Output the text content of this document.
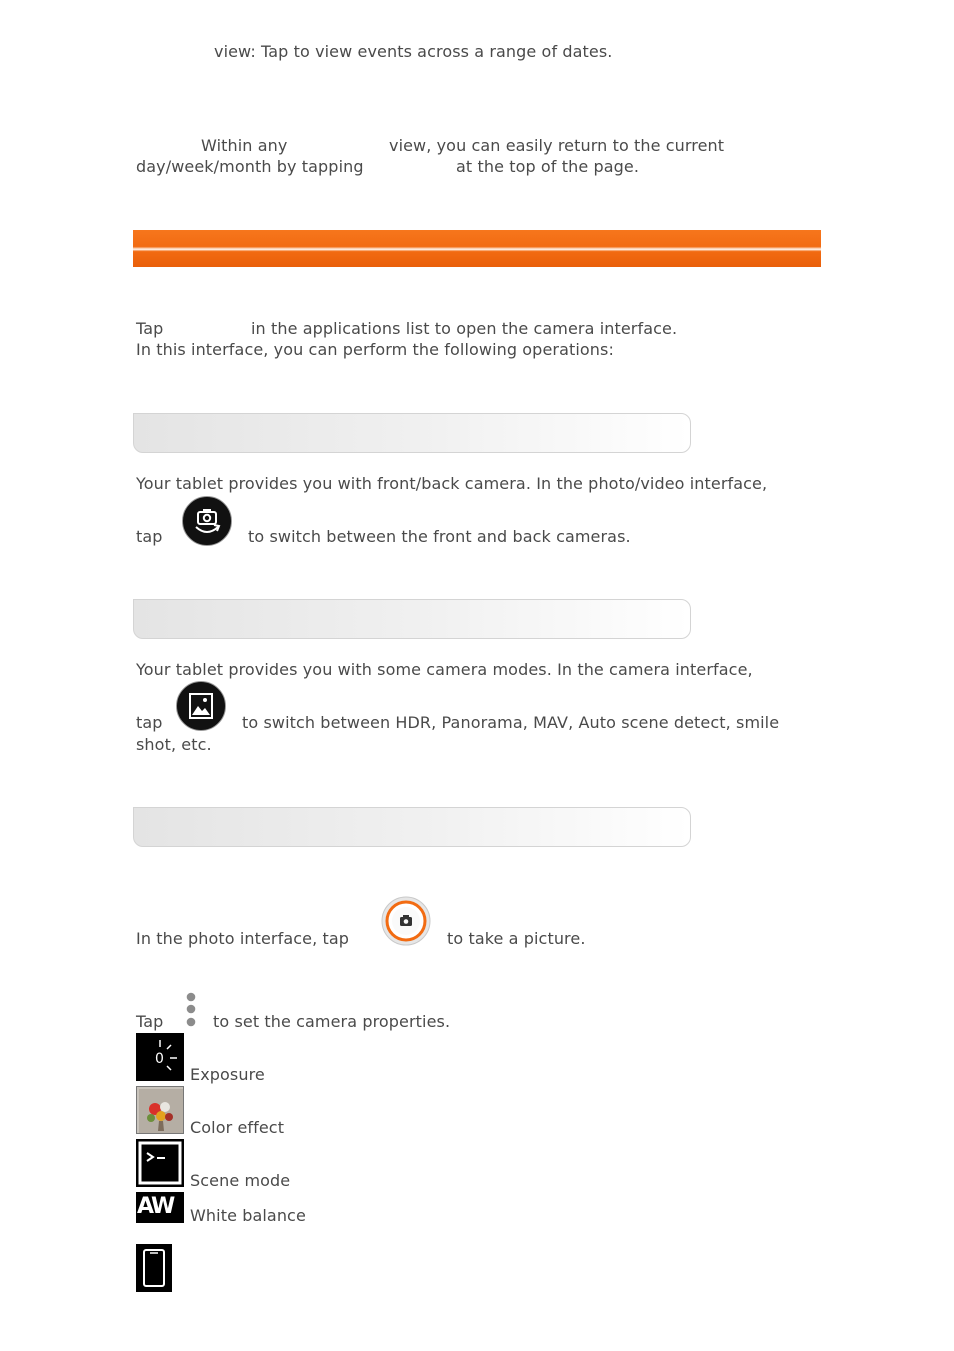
view: Tap to view events across a range of dates.
Within any	view, you can easily return to the current
day/week/month by tapping	at the top of the page.
Tap	in the applications list to open the camera interface.
In this interface, you can perform the following operations:
Your tablet provides you with front/back camera. In the photo/video interface,
tap	to switch between the front and back cameras.
Your tablet provides you with some camera modes. In the camera interface,
tap	to switch between HDR, Panorama, MAV, Auto scene detect, smile
shot, etc.
In the photo interface, tap	to take a picture.
Tap	to set the camera properties.
0
Exposure
Color effect
Scene mode
AW White balance
